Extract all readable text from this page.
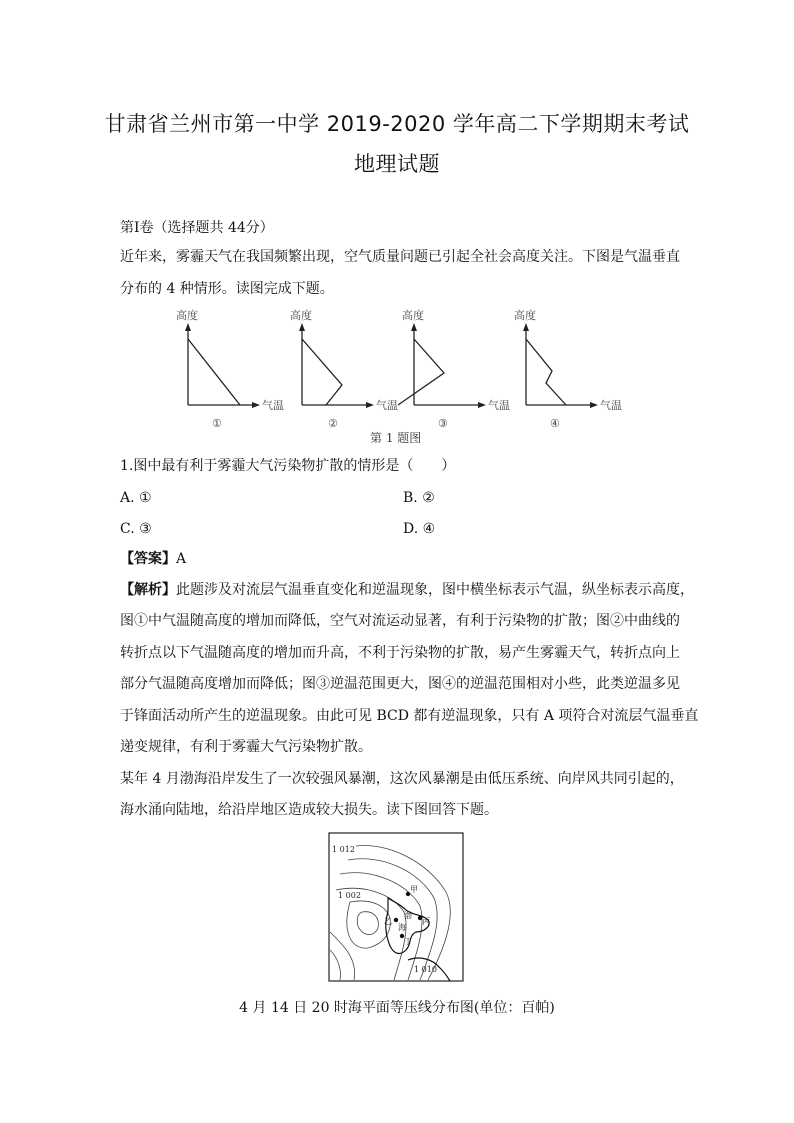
甘肃省兰州市第一中学 2019-2020 学年高二下学期期末考试
地理试题
第Ⅰ卷（选择题共 44分）
近年来，雾霾天气在我国频繁出现，空气质量问题已引起全社会高度关注。下图是气温垂直
分布的 4 种情形。读图完成下题。
高度	高度	高度	高度
气温	气温	气温	气温
①	②	③	④
第 1 题图
1.图中最有利于雾霾大气污染物扩散的情形是（　　）
A. ①	B. ②
C. ③	D. ④
【答案】A
【解析】此题涉及对流层气温垂直变化和逆温现象，图中横坐标表示气温，纵坐标表示高度，
图①中气温随高度的增加而降低，空气对流运动显著，有利于污染物的扩散；图②中曲线的
转折点以下气温随高度的增加而升高，不利于污染物的扩散，易产生雾霾天气，转折点向上
部分气温随高度增加而降低；图③逆温范围更大，图④的逆温范围相对小些，此类逆温多见
于锋面活动所产生的逆温现象。由此可见 BCD 都有逆温现象，只有 A 项符合对流层气温垂直
递变规律，有利于雾霾大气污染物扩散。
某年 4 月渤海沿岸发生了一次较强风暴潮，这次风暴潮是由低压系统、向岸风共同引起的，
海水涌向陆地，给沿岸地区造成较大损失。读下图回答下题。
1 012
1 002
1 010
甲
乙	丙
丁
渤
海
4 月 14 日 20 时海平面等压线分布图(单位：百帕)
